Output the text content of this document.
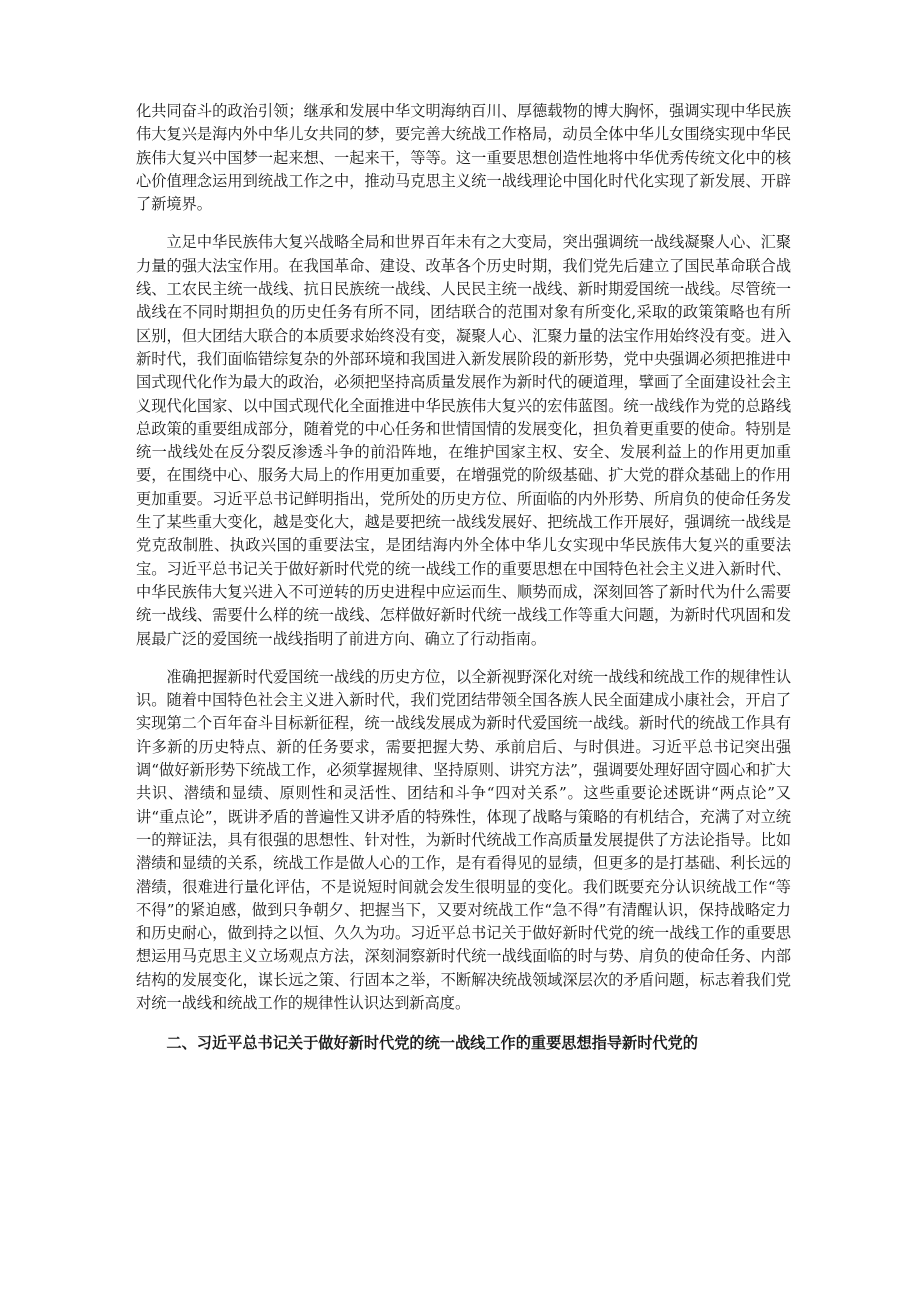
化共同奋斗的政治引领；继承和发展中华文明海纳百川、厚德载物的博大胸怀，强调实现中华民族伟大复兴是海内外中华儿女共同的梦，要完善大统战工作格局，动员全体中华儿女围绕实现中华民族伟大复兴中国梦一起来想、一起来干，等等。这一重要思想创造性地将中华优秀传统文化中的核心价值理念运用到统战工作之中，推动马克思主义统一战线理论中国化时代化实现了新发展、开辟了新境界。

立足中华民族伟大复兴战略全局和世界百年未有之大变局，突出强调统一战线凝聚人心、汇聚力量的强大法宝作用。在我国革命、建设、改革各个历史时期，我们党先后建立了国民革命联合战线、工农民主统一战线、抗日民族统一战线、人民民主统一战线、新时期爱国统一战线。尽管统一战线在不同时期担负的历史任务有所不同，团结联合的范围对象有所变化,采取的政策策略也有所区别，但大团结大联合的本质要求始终没有变，凝聚人心、汇聚力量的法宝作用始终没有变。进入新时代，我们面临错综复杂的外部环境和我国进入新发展阶段的新形势，党中央强调必须把推进中国式现代化作为最大的政治，必须把坚持高质量发展作为新时代的硬道理，擘画了全面建设社会主义现代化国家、以中国式现代化全面推进中华民族伟大复兴的宏伟蓝图。统一战线作为党的总路线总政策的重要组成部分，随着党的中心任务和世情国情的发展变化，担负着更重要的使命。特别是统一战线处在反分裂反渗透斗争的前沿阵地，在维护国家主权、安全、发展利益上的作用更加重要，在围绕中心、服务大局上的作用更加重要，在增强党的阶级基础、扩大党的群众基础上的作用更加重要。习近平总书记鲜明指出，党所处的历史方位、所面临的内外形势、所肩负的使命任务发生了某些重大变化，越是变化大，越是要把统一战线发展好、把统战工作开展好，强调统一战线是党克敌制胜、执政兴国的重要法宝，是团结海内外全体中华儿女实现中华民族伟大复兴的重要法宝。习近平总书记关于做好新时代党的统一战线工作的重要思想在中国特色社会主义进入新时代、中华民族伟大复兴进入不可逆转的历史进程中应运而生、顺势而成，深刻回答了新时代为什么需要统一战线、需要什么样的统一战线、怎样做好新时代统一战线工作等重大问题，为新时代巩固和发展最广泛的爱国统一战线指明了前进方向、确立了行动指南。

准确把握新时代爱国统一战线的历史方位，以全新视野深化对统一战线和统战工作的规律性认识。随着中国特色社会主义进入新时代，我们党团结带领全国各族人民全面建成小康社会，开启了实现第二个百年奋斗目标新征程，统一战线发展成为新时代爱国统一战线。新时代的统战工作具有许多新的历史特点、新的任务要求，需要把握大势、承前启后、与时俱进。习近平总书记突出强调“做好新形势下统战工作，必须掌握规律、坚持原则、讲究方法”，强调要处理好固守圆心和扩大共识、潜绩和显绩、原则性和灵活性、团结和斗争“四对关系”。这些重要论述既讲“两点论”又讲“重点论”，既讲矛盾的普遍性又讲矛盾的特殊性，体现了战略与策略的有机结合，充满了对立统一的辩证法，具有很强的思想性、针对性，为新时代统战工作高质量发展提供了方法论指导。比如潜绩和显绩的关系，统战工作是做人心的工作，是有看得见的显绩，但更多的是打基础、利长远的潜绩，很难进行量化评估，不是说短时间就会发生很明显的变化。我们既要充分认识统战工作“等不得”的紧迫感，做到只争朝夕、把握当下，又要对统战工作“急不得”有清醒认识，保持战略定力和历史耐心，做到持之以恒、久久为功。习近平总书记关于做好新时代党的统一战线工作的重要思想运用马克思主义立场观点方法，深刻洞察新时代统一战线面临的时与势、肩负的使命任务、内部结构的发展变化，谋长远之策、行固本之举，不断解决统战领域深层次的矛盾问题，标志着我们党对统一战线和统战工作的规律性认识达到新高度。

二、习近平总书记关于做好新时代党的统一战线工作的重要思想指导新时代党的
